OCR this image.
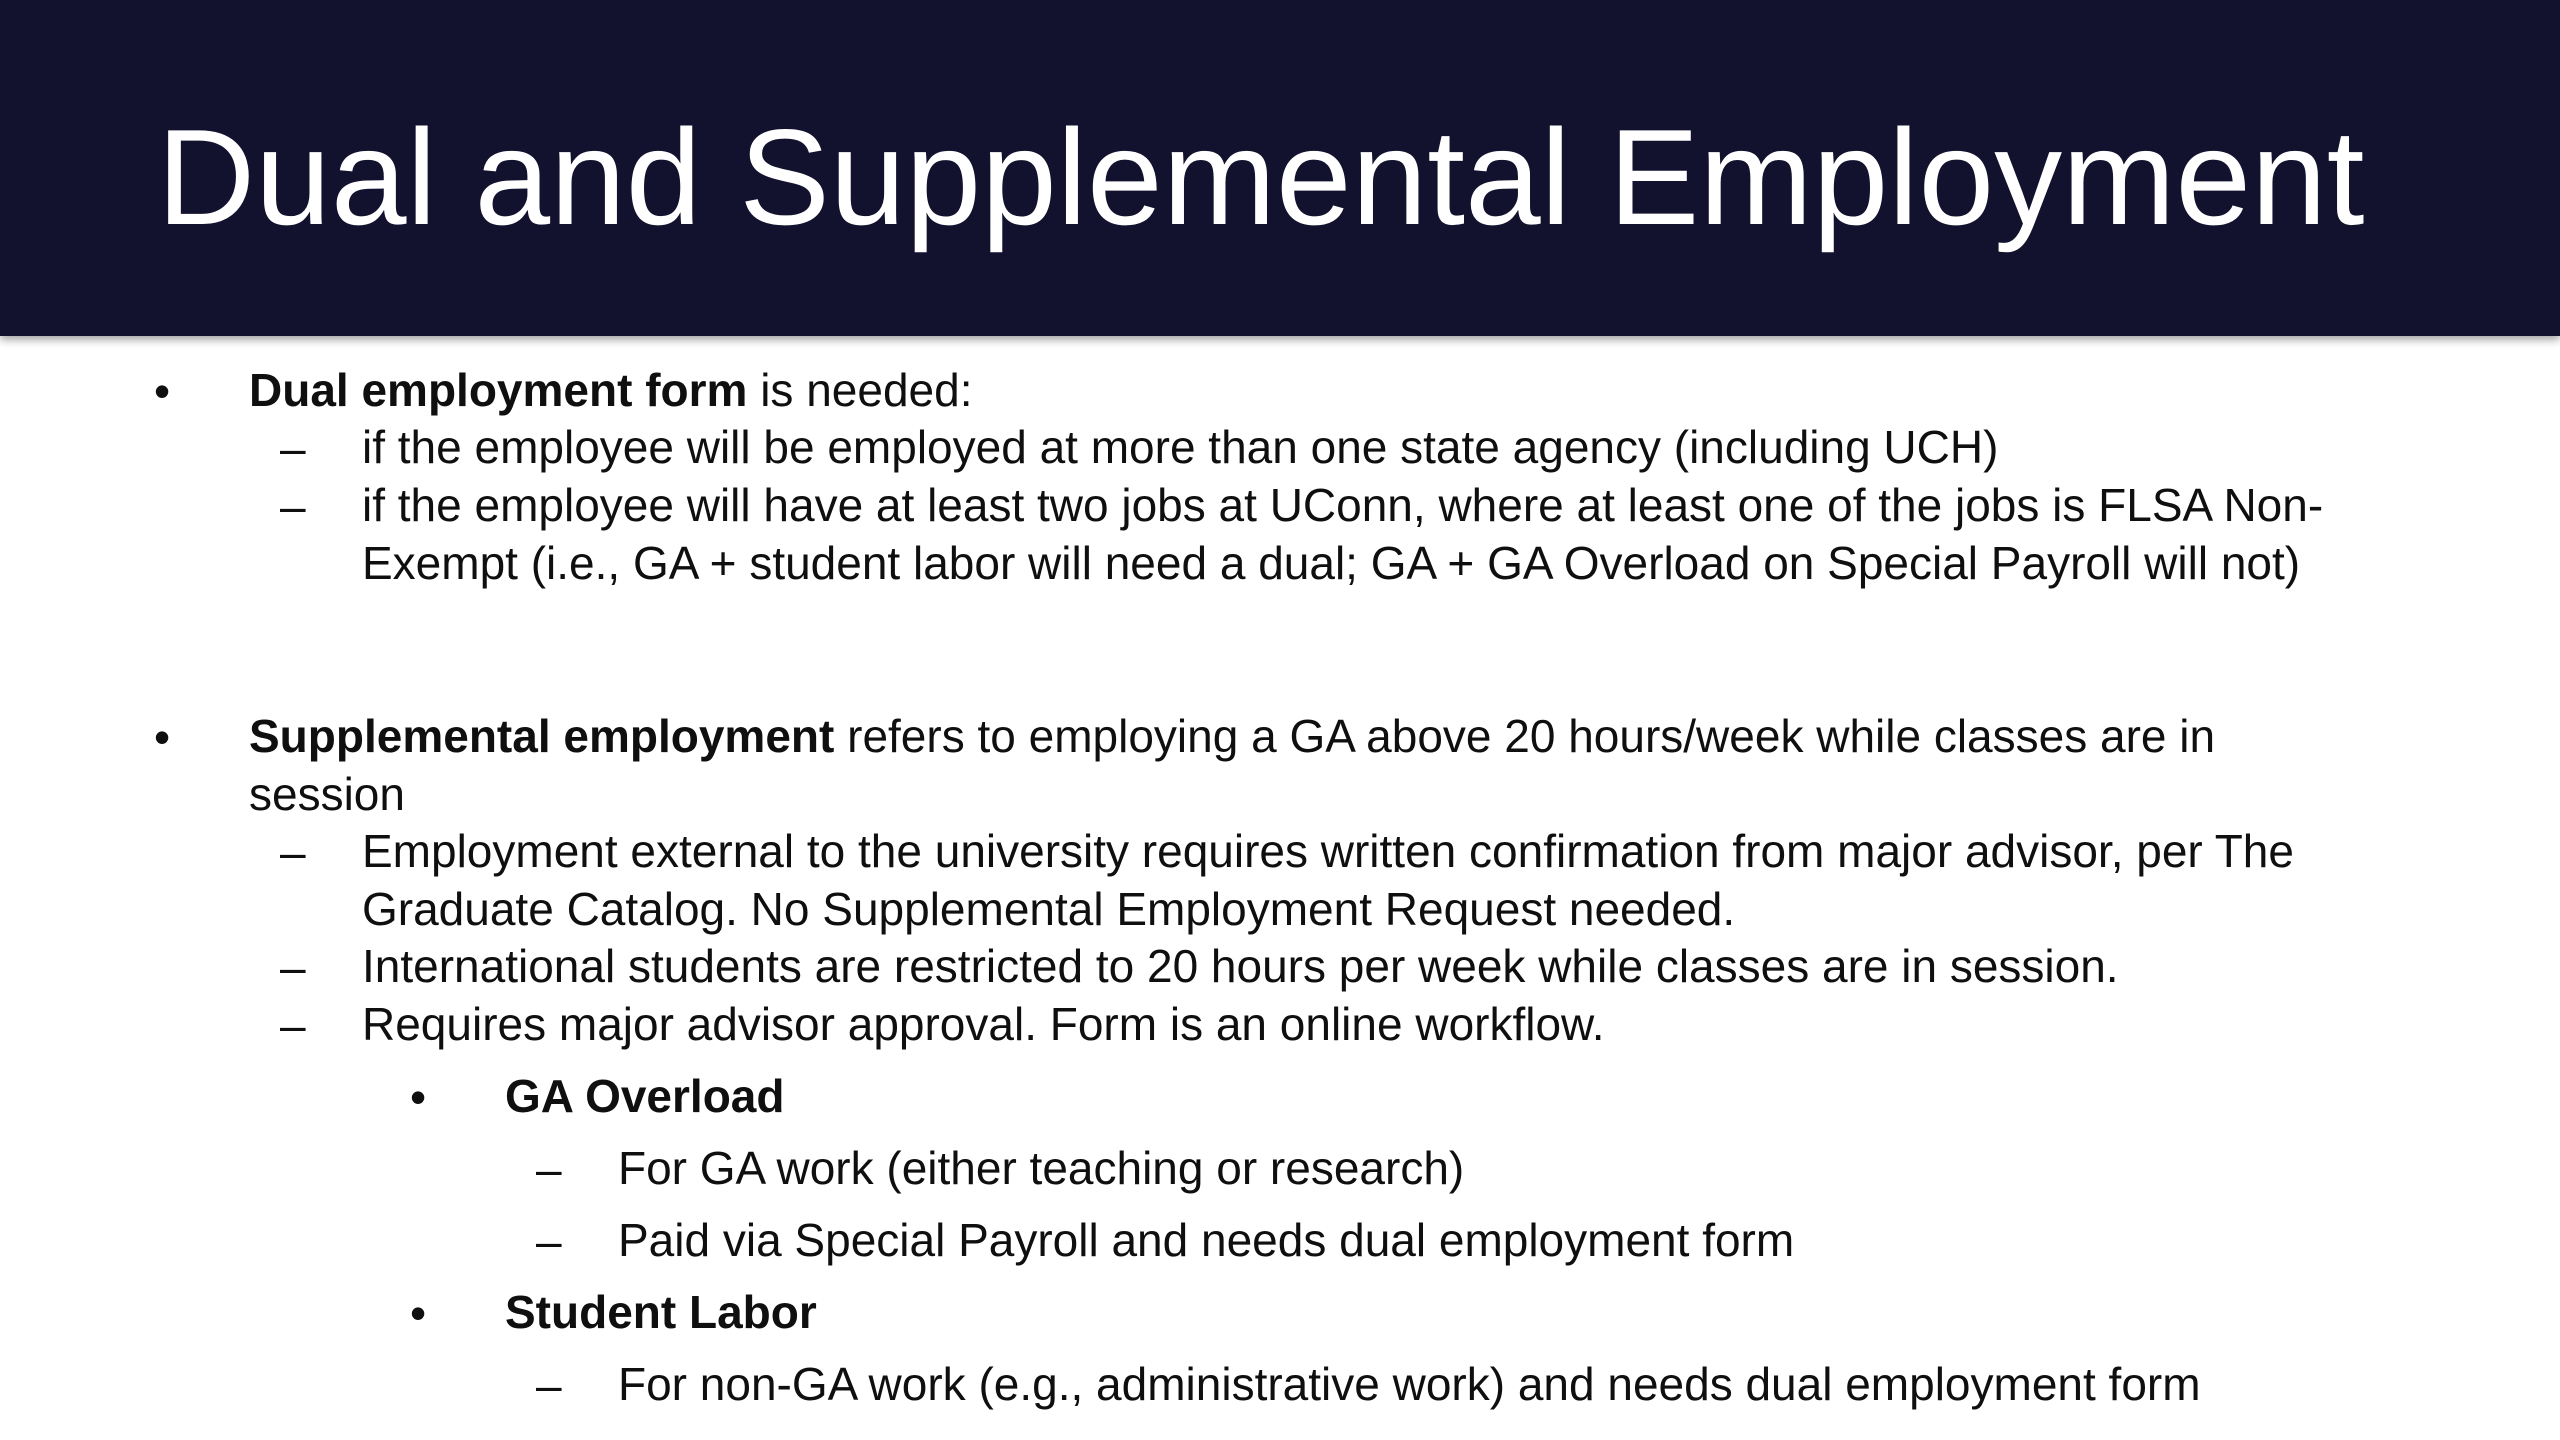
Dual and Supplemental Employment
• Dual employment form is needed:
– if the employee will be employed at more than one state agency (including UCH)
– if the employee will have at least two jobs at UConn, where at least one of the jobs is FLSA Non-Exempt (i.e., GA + student labor will need a dual; GA + GA Overload on Special Payroll will not)
• Supplemental employment refers to employing a GA above 20 hours/week while classes are in session
– Employment external to the university requires written confirmation from major advisor, per The Graduate Catalog. No Supplemental Employment Request needed.
– International students are restricted to 20 hours per week while classes are in session.
– Requires major advisor approval. Form is an online workflow.
• GA Overload
– For GA work (either teaching or research)
– Paid via Special Payroll and needs dual employment form
• Student Labor
– For non-GA work (e.g., administrative work) and needs dual employment form
